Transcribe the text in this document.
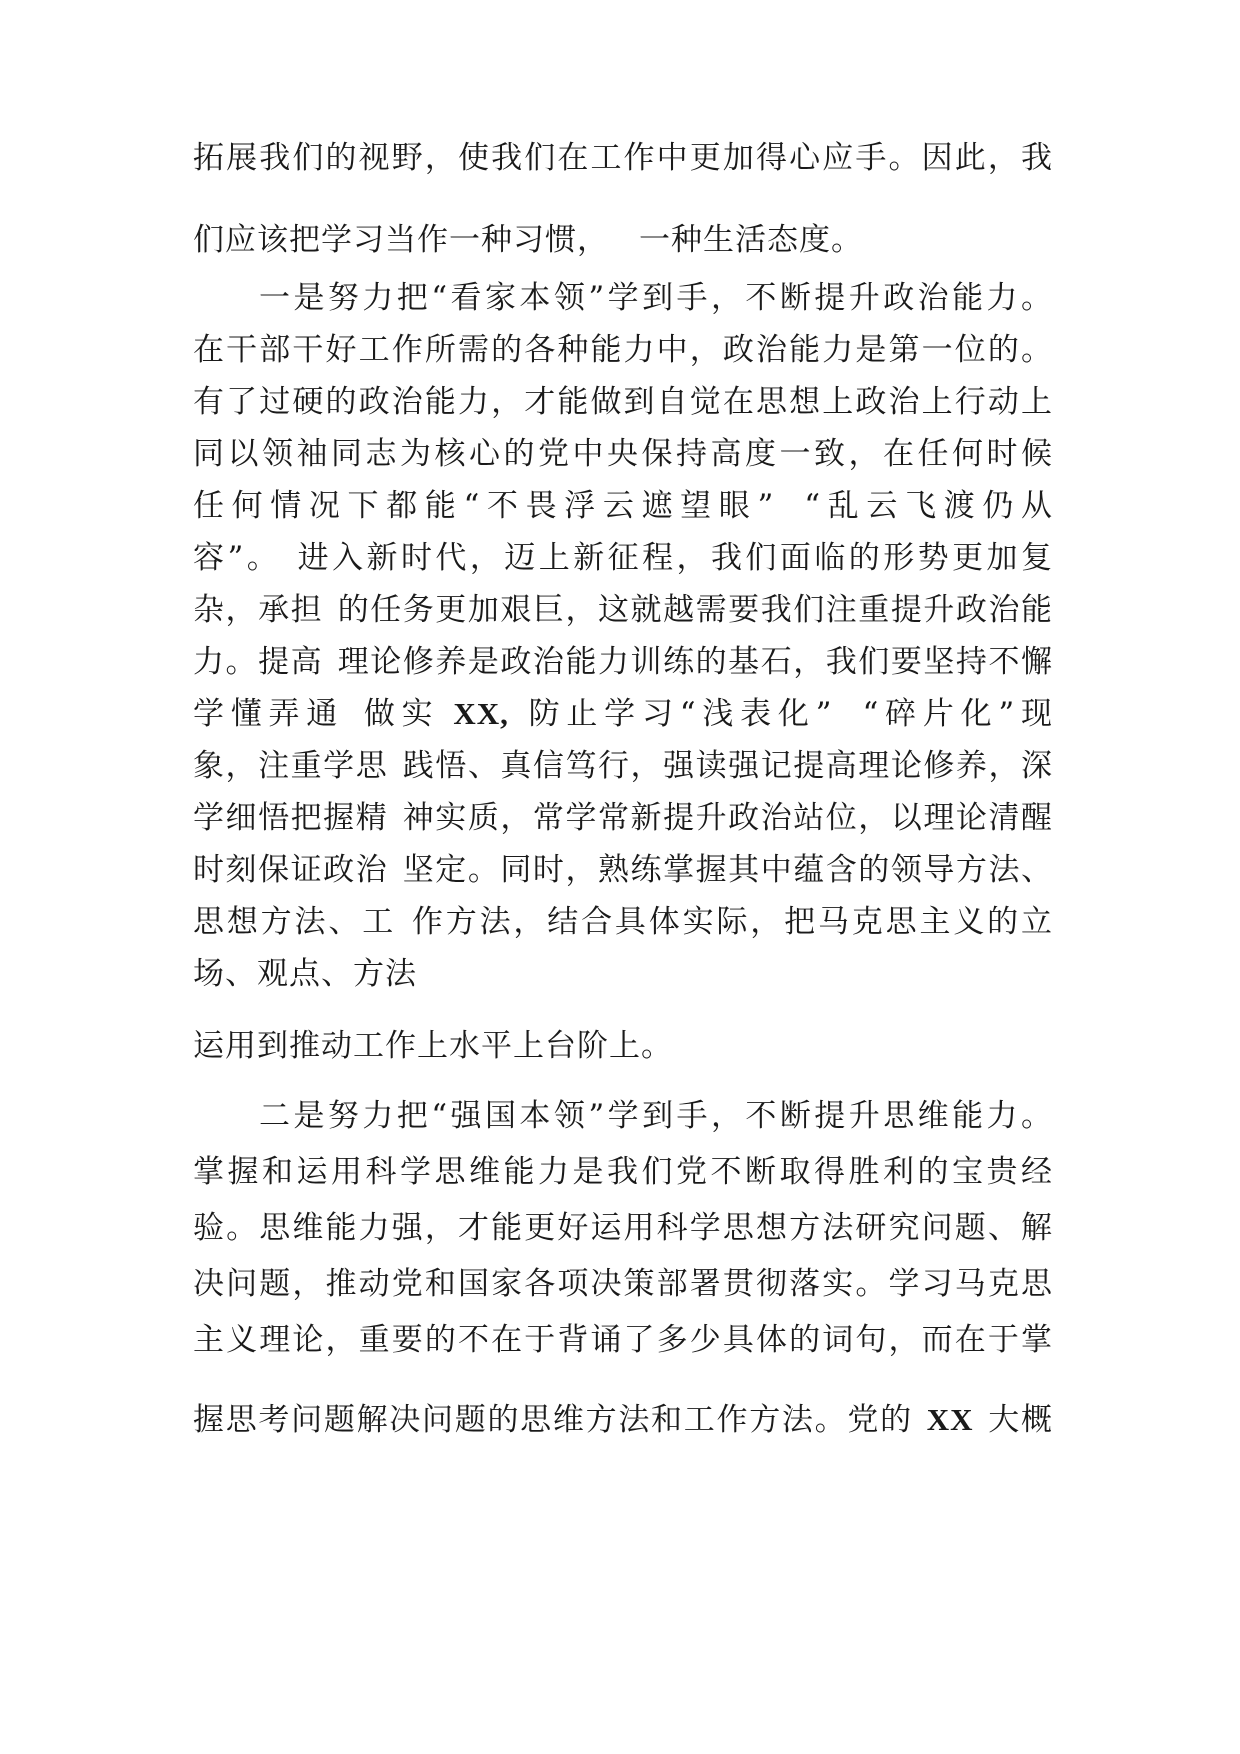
拓展我们的视野，使我们在工作中更加得心应手。因此，我
们应该把学习当作一种习惯， 一种生活态度。
一是努力把“看家本领”学到手，不断提升政治能力。
在干部干好工作所需的各种能力中，政治能力是第一位的。
有了过硬的政治能力，才能做到自觉在思想上政治上行动上
同以领袖同志为核心的党中央保持高度一致，在任何时候
任何情况下都能“不畏浮云遮望眼” “乱云飞渡仍从
容”。 进入新时代，迈上新征程，我们面临的形势更加复
杂，承担 的任务更加艰巨，这就越需要我们注重提升政治能
力。提高 理论修养是政治能力训练的基石，我们要坚持不懈
学懂弄通 做实 XX, 防止学习“浅表化” “碎片化”现
象，注重学思 践悟、真信笃行，强读强记提高理论修养，深
学细悟把握精 神实质，常学常新提升政治站位，以理论清醒
时刻保证政治 坚定。同时，熟练掌握其中蕴含的领导方法、
思想方法、工 作方法，结合具体实际，把马克思主义的立
场、观点、方法
运用到推动工作上水平上台阶上。
二是努力把“强国本领”学到手，不断提升思维能力。
掌握和运用科学思维能力是我们党不断取得胜利的宝贵经
验。思维能力强，才能更好运用科学思想方法研究问题、解
决问题，推动党和国家各项决策部署贯彻落实。学习马克思
主义理论，重要的不在于背诵了多少具体的词句，而在于掌
握思考问题解决问题的思维方法和工作方法。党的 XX 大概
